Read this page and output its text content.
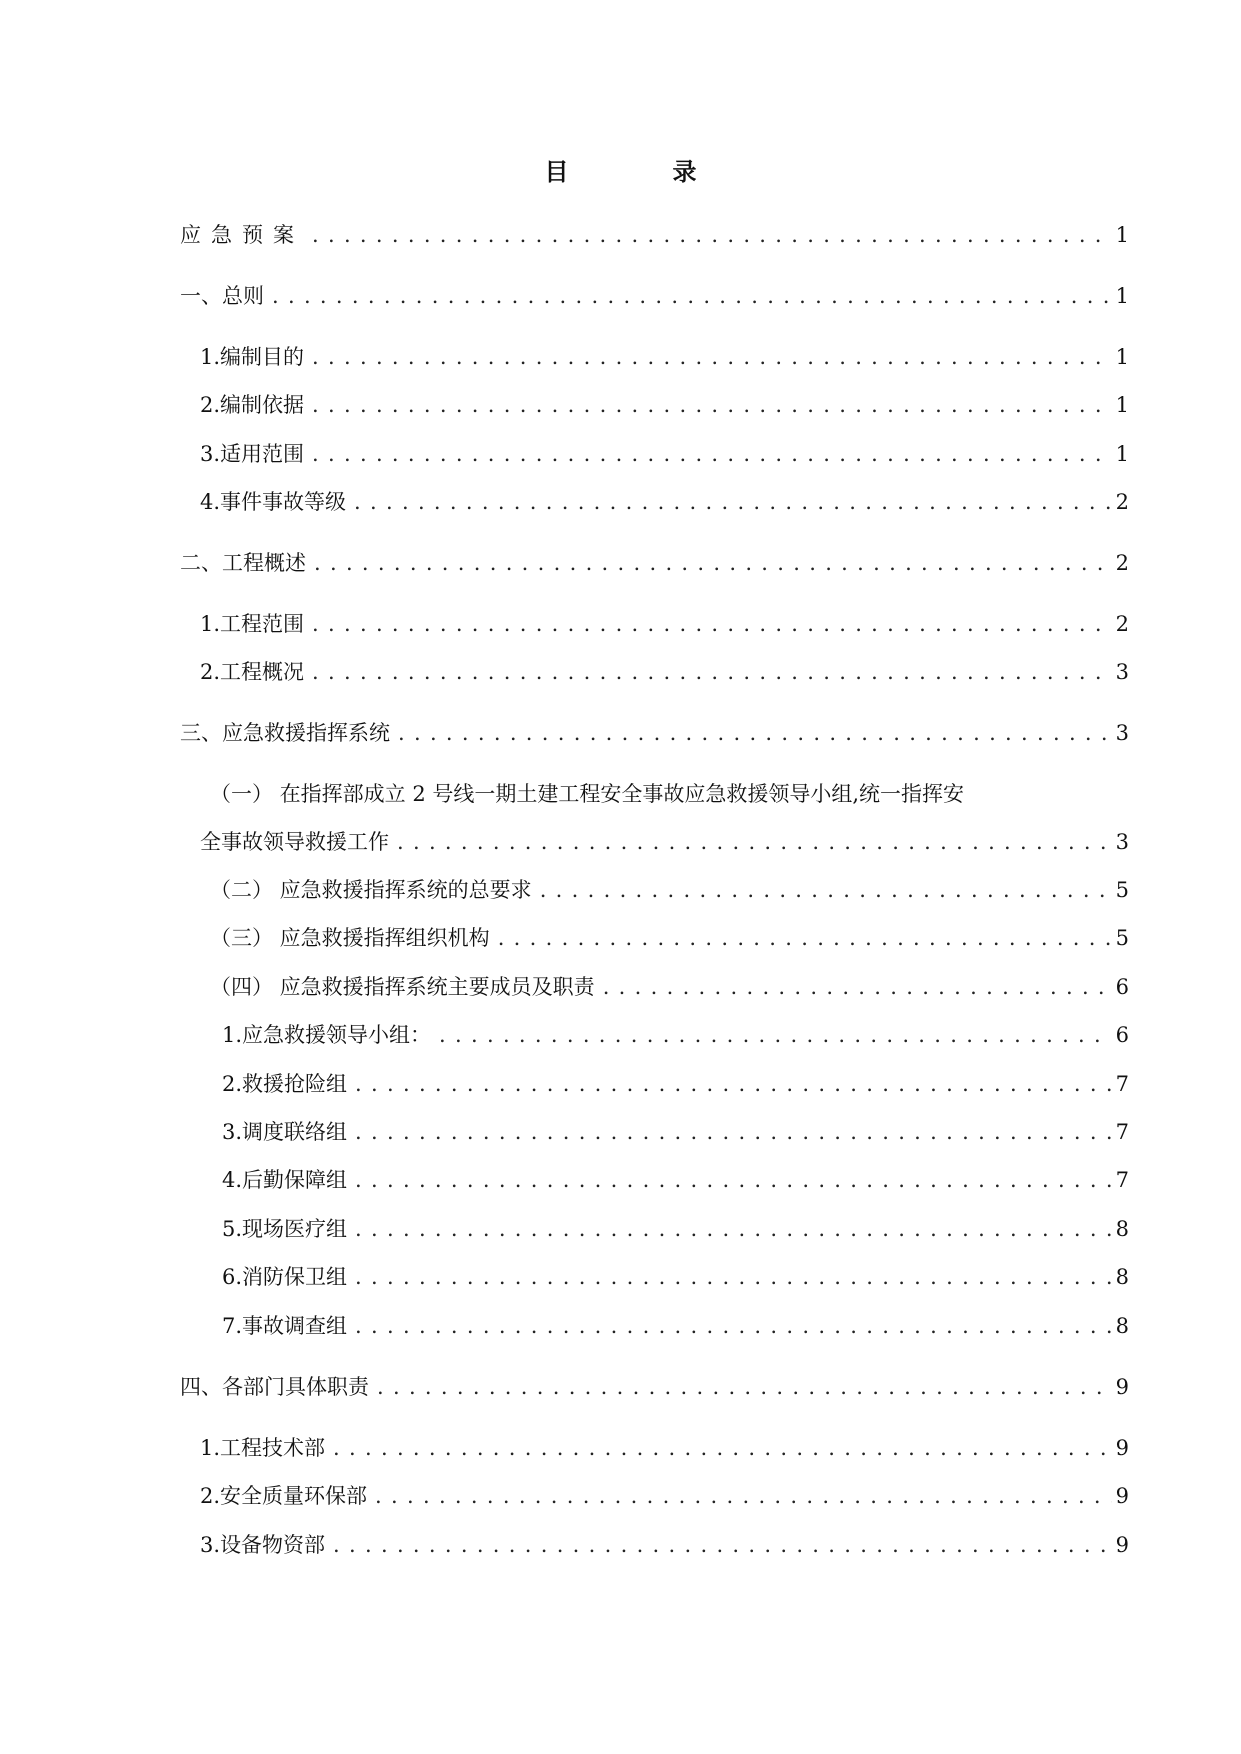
目　录
应急预案 .....	1
一、总则 .....	1
1.编制目的 .....	1
2.编制依据 .....	1
3.适用范围 .....	1
4.事件事故等级 .....	2
二、工程概述 .....	2
1.工程范围 .....	2
2.工程概况 .....	3
三、应急救援指挥系统 .....	3
（一） 在指挥部成立 2 号线一期土建工程安全事故应急救援领导小组,统一指挥安
全事故领导救援工作 .....	3
（二） 应急救援指挥系统的总要求 .....	5
（三） 应急救援指挥组织机构 .....	5
（四） 应急救援指挥系统主要成员及职责 .....	6
1.应急救援领导小组： .....	6
2.救援抢险组 .....	7
3.调度联络组 .....	7
4.后勤保障组 .....	7
5.现场医疗组 .....	8
6.消防保卫组 .....	8
7.事故调查组 .....	8
四、各部门具体职责 .....	9
1.工程技术部 .....	9
2.安全质量环保部 .....	9
3.设备物资部 .....	9
